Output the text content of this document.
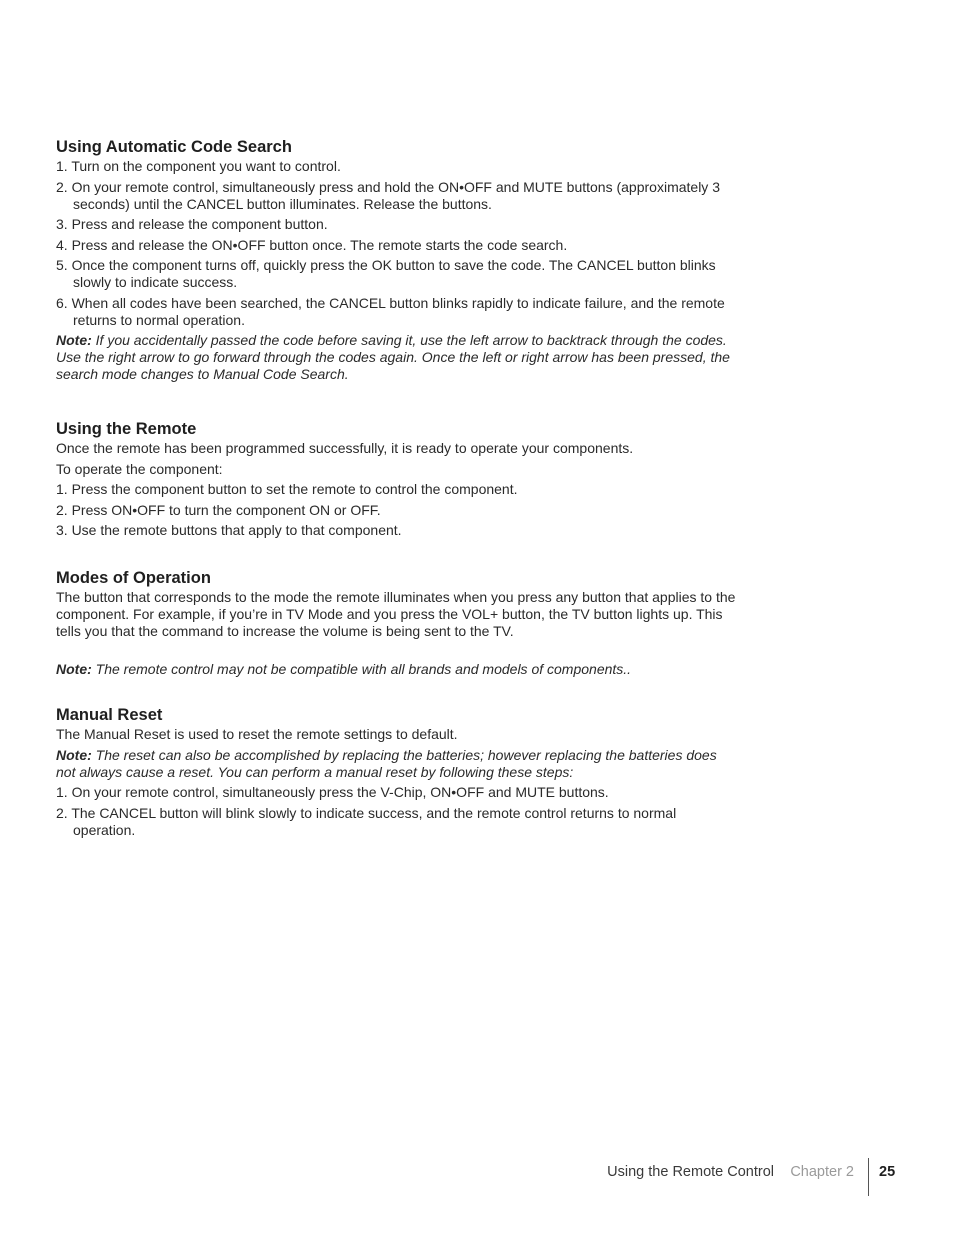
Using Automatic Code Search
1. Turn on the component you want to control.
2. On your remote control, simultaneously press and hold the ON•OFF and MUTE buttons (approximately 3 seconds) until the CANCEL button illuminates. Release the buttons.
3. Press and release the component button.
4. Press and release the ON•OFF button once. The remote starts the code search.
5. Once the component turns off, quickly press the OK button to save the code. The CANCEL button blinks slowly to indicate success.
6. When all codes have been searched, the CANCEL button blinks rapidly to indicate failure, and the remote returns to normal operation.

Note: If you accidentally passed the code before saving it, use the left arrow to backtrack through the codes. Use the right arrow to go forward through the codes again. Once the left or right arrow has been pressed, the search mode changes to Manual Code Search.

Using the Remote

Once the remote has been programmed successfully, it is ready to operate your components.

To operate the component:

1. Press the component button to set the remote to control the component.
2. Press ON•OFF to turn the component ON or OFF.
3. Use the remote buttons that apply to that component.
Modes of Operation

The button that corresponds to the mode the remote illuminates when you press any button that applies to the component. For example, if you’re in TV Mode and you press the VOL+ button, the TV button lights up. This tells you that the command to increase the volume is being sent to the TV.

Note: The remote control may not be compatible with all brands and models of components..

Manual Reset

The Manual Reset is used to reset the remote settings to default.

Note: The reset can also be accomplished by replacing the batteries; however replacing the batteries does not always cause a reset. You can perform a manual reset by following these steps:

1. On your remote control, simultaneously press the V-Chip, ON•OFF and MUTE buttons.
2. The CANCEL button will blink slowly to indicate success, and the remote control returns to normal operation.
Using the Remote Control Chapter 2 25
